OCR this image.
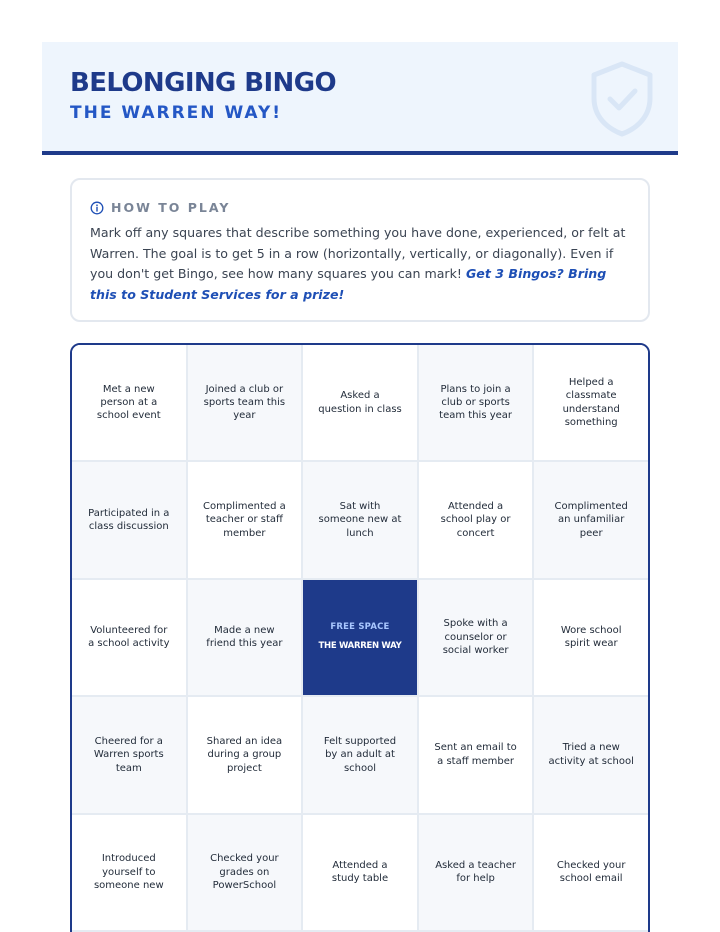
BELONGING BINGO
THE WARREN WAY!
HOW TO PLAY

Mark off any squares that describe something you have done, experienced, or felt at Warren. The goal is to get 5 in a row (horizontally, vertically, or diagonally). Even if you don't get Bingo, see how many squares you can mark! Get 3 Bingos? Bring this to Student Services for a prize!

Met a new person at a school event
Joined a club or sports team this year
Asked a question in class
Plans to join a club or sports team this year
Helped a classmate understand something
Participated in a class discussion
Complimented a teacher or staff member
Sat with someone new at lunch
Attended a school play or concert
Complimented an unfamiliar peer
Volunteered for a school activity
Made a new friend this year
FREE SPACE
THE WARREN WAY
Spoke with a counselor or social worker
Wore school spirit wear
Cheered for a Warren sports team
Shared an idea during a group project
Felt supported by an adult at school
Sent an email to a staff member
Tried a new activity at school
Introduced yourself to someone new
Checked your grades on PowerSchool
Attended a study table
Asked a teacher for help
Checked your school email
